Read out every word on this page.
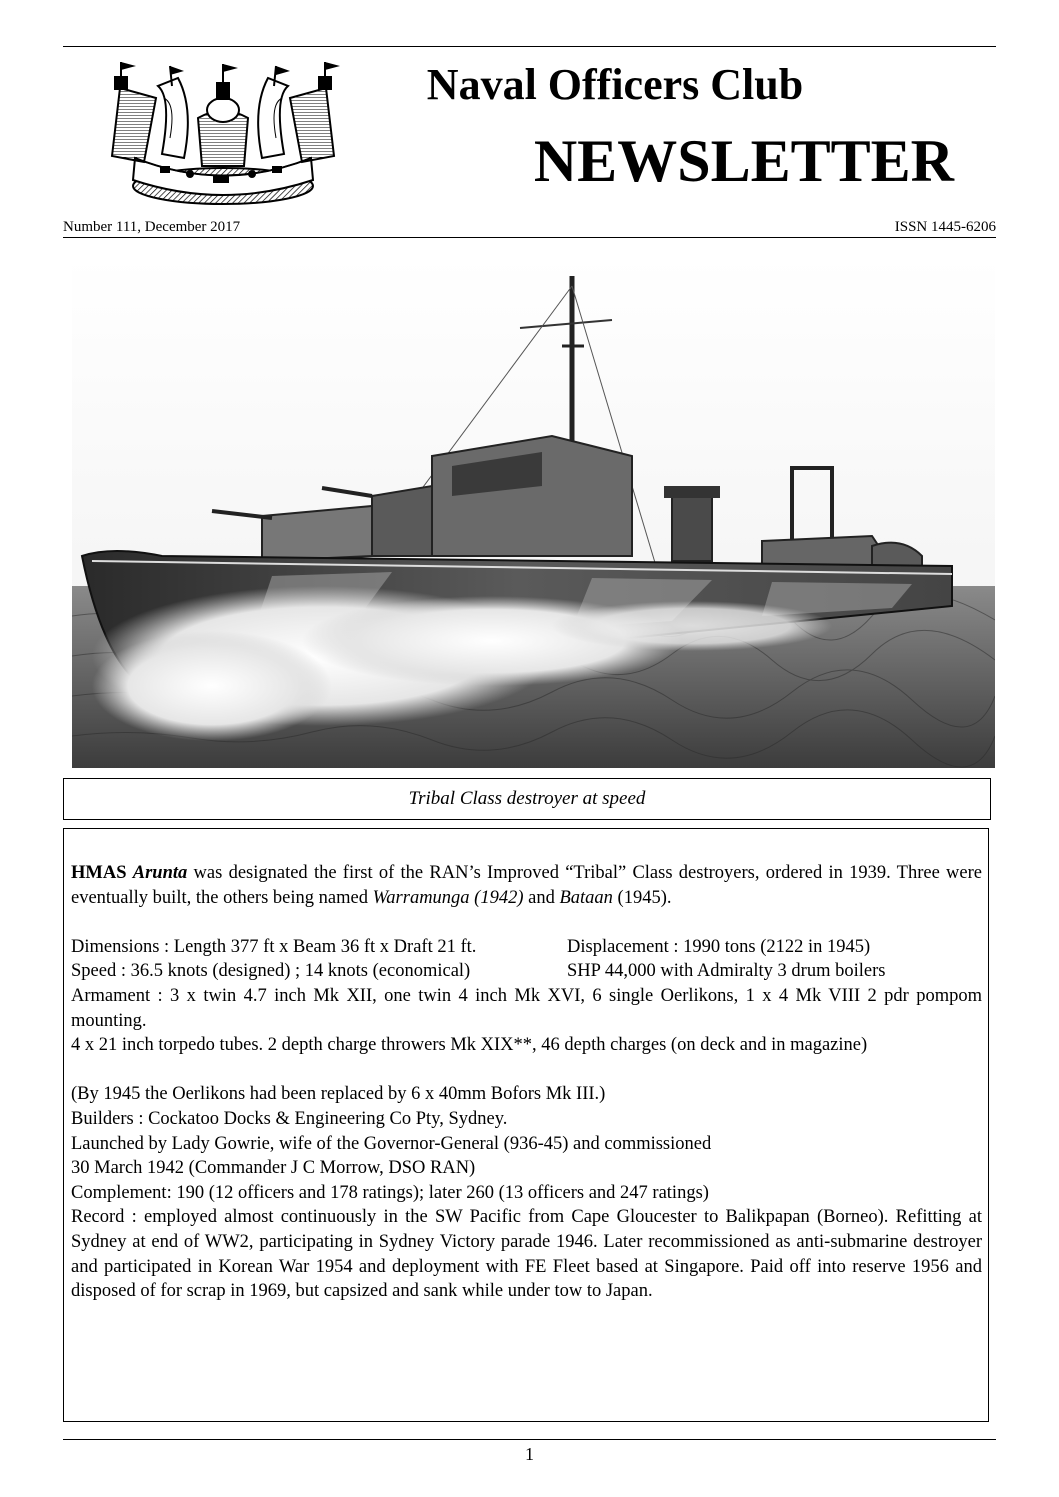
Naval Officers Club
NEWSLETTER
Number 111, December 2017	ISSN 1445-6206
Tribal Class destroyer at speed

HMAS Arunta was designated the first of the RAN’s Improved “Tribal” Class destroyers, ordered in 1939. Three were eventually built, the others being named Warramunga (1942) and Bataan (1945).

Dimensions : Length 377 ft x Beam 36 ft x Draft 21 ft.	Displacement : 1990 tons (2122 in 1945)

Speed : 36.5 knots (designed) ; 14 knots (economical)	SHP 44,000 with Admiralty 3 drum boilers

Armament : 3 x twin 4.7 inch Mk XII, one twin 4 inch Mk XVI, 6 single Oerlikons, 1 x 4 Mk VIII 2 pdr pompom mounting.

4 x 21 inch torpedo tubes. 2 depth charge throwers Mk XIX**, 46 depth charges (on deck and in magazine)

(By 1945 the Oerlikons had been replaced by 6 x 40mm Bofors Mk III.)

Builders : Cockatoo Docks & Engineering Co Pty, Sydney.

Launched by Lady Gowrie, wife of the Governor-General (936-45) and commissioned

30 March 1942 (Commander J C Morrow, DSO RAN)

Complement: 190 (12 officers and 178 ratings); later 260 (13 officers and 247 ratings)

Record : employed almost continuously in the SW Pacific from Cape Gloucester to Balikpapan (Borneo). Refitting at Sydney at end of WW2, participating in Sydney Victory parade 1946. Later recommissioned as anti-submarine destroyer and participated in Korean War 1954 and deployment with FE Fleet based at Singapore. Paid off into reserve 1956 and disposed of for scrap in 1969, but capsized and sank while under tow to Japan.

1
